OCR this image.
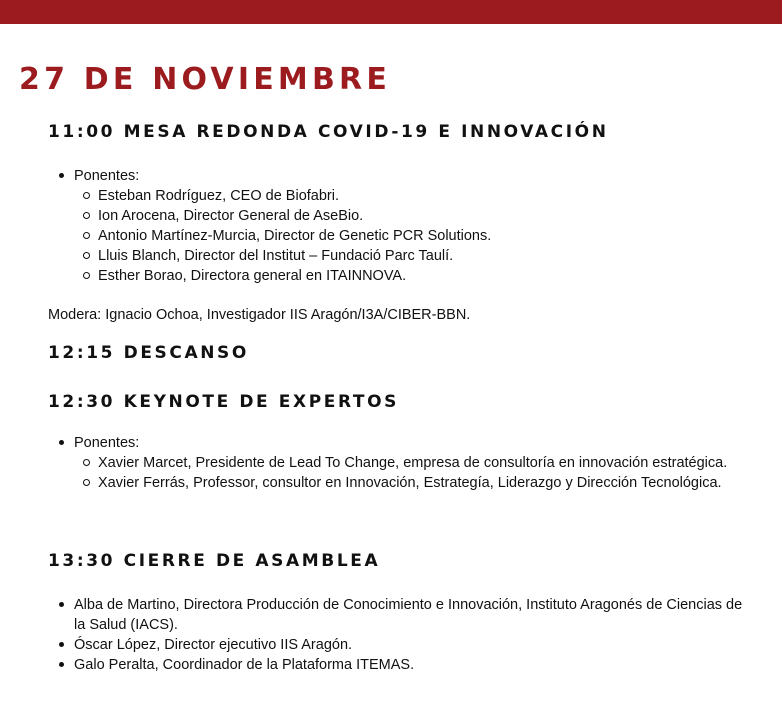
27 DE NOVIEMBRE
11:00 MESA REDONDA COVID-19 E INNOVACIÓN
Ponentes:
Esteban Rodríguez, CEO de Biofabri.
Ion Arocena, Director General de AseBio.
Antonio Martínez-Murcia, Director de Genetic PCR Solutions.
Lluis Blanch, Director del Institut – Fundació Parc Taulí.
Esther Borao, Directora general en ITAINNOVA.

Modera: Ignacio Ochoa, Investigador IIS Aragón/I3A/CIBER-BBN.

12:15 DESCANSO
12:30 KEYNOTE DE EXPERTOS
Ponentes:
Xavier Marcet, Presidente de Lead To Change, empresa de consultoría en innovación estratégica.
Xavier Ferrás, Professor, consultor en Innovación, Estrategía, Liderazgo y Dirección Tecnológica.
13:30 CIERRE DE ASAMBLEA
Alba de Martino, Directora Producción de Conocimiento e Innovación, Instituto Aragonés de Ciencias de la Salud (IACS).
Óscar López, Director ejecutivo IIS Aragón.
Galo Peralta, Coordinador de la Plataforma ITEMAS.
